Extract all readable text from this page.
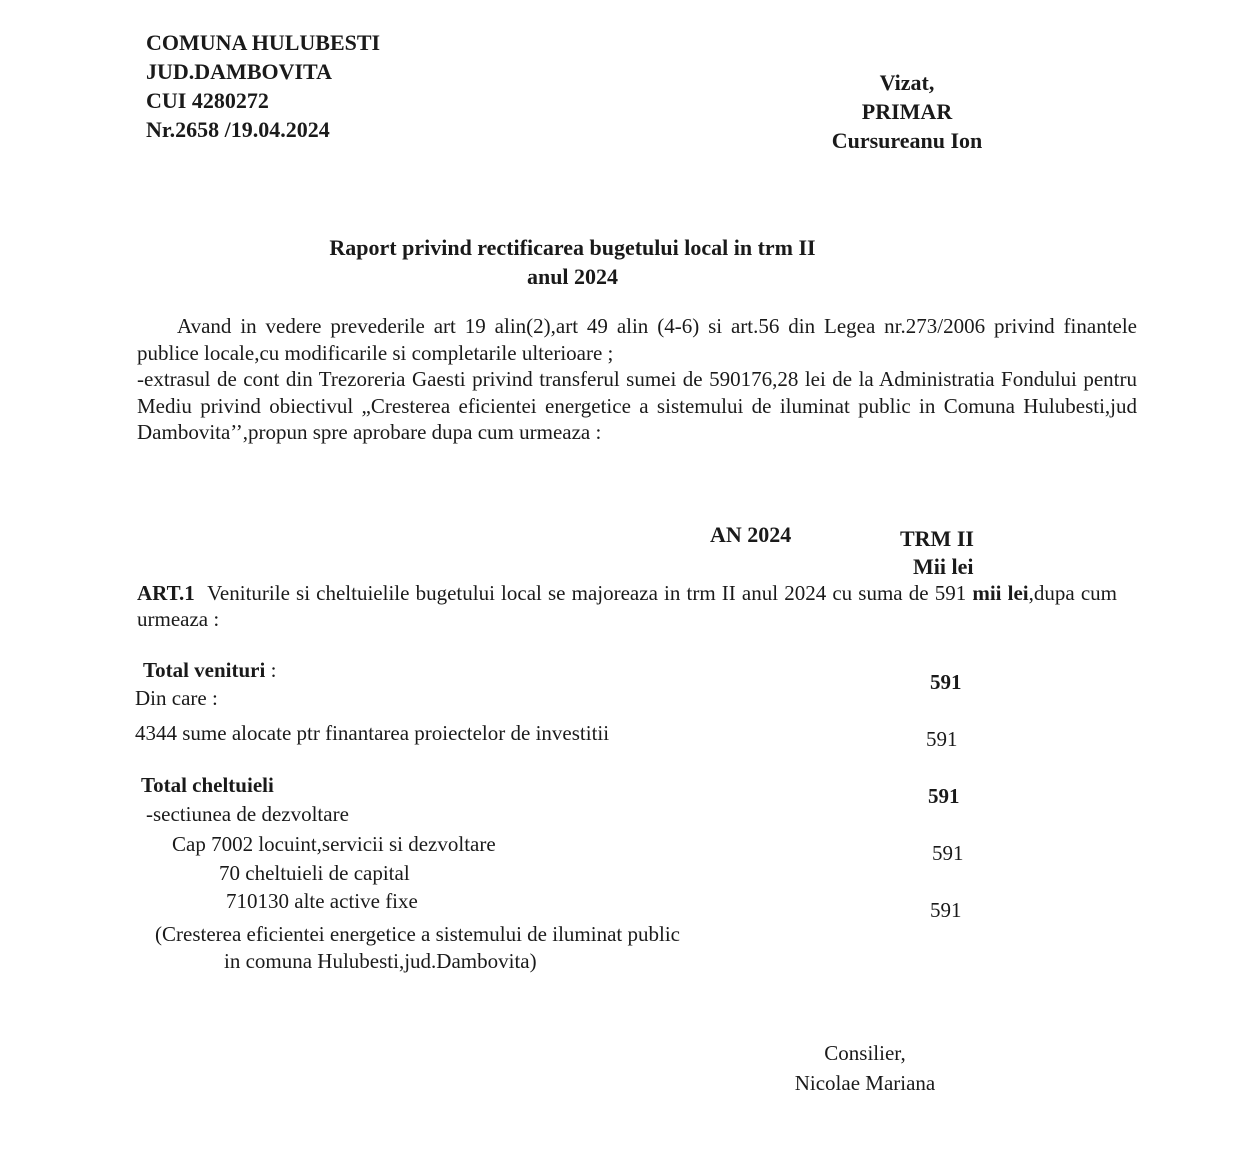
COMUNA HULUBESTI
JUD.DAMBOVITA
CUI 4280272
Nr.2658 /19.04.2024
Vizat,
PRIMAR
Cursureanu Ion
Raport privind rectificarea bugetului local in trm II
anul 2024
Avand in vedere prevederile art 19 alin(2),art 49 alin (4-6) si art.56 din Legea nr.273/2006 privind finantele publice locale,cu modificarile si completarile ulterioare ;
-extrasul de cont din Trezoreria Gaesti privind transferul sumei de 590176,28 lei de la Administratia Fondului pentru Mediu privind obiectivul „Cresterea eficientei energetice a sistemului de iluminat public in Comuna Hulubesti,jud Dambovita’’,propun spre aprobare dupa cum urmeaza :
AN 2024	TRM II
Mii lei
ART.1 Veniturile si cheltuielile bugetului local se majoreaza in trm II anul 2024 cu suma de 591 mii lei,dupa cum urmeaza :
Total venituri :
Din care :
591
4344 sume alocate ptr finantarea proiectelor de investitii	591
Total cheltuieli
-sectiunea de dezvoltare
591
Cap 7002 locuint,servicii si dezvoltare
70 cheltuieli de capital
591
710130 alte active fixe
(Cresterea eficientei energetice a sistemului de iluminat public
591
in comuna Hulubesti,jud.Dambovita)
Consilier,
Nicolae Mariana
